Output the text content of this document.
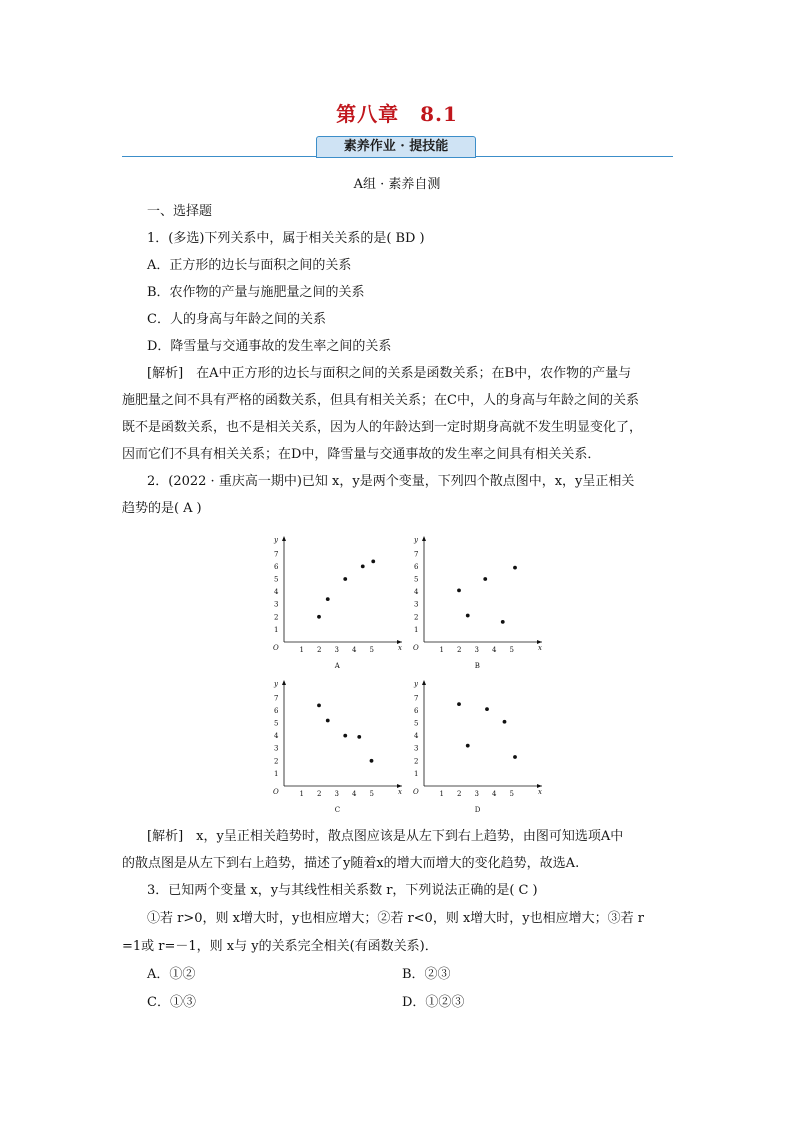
第八章　8.1
素养作业 · 提技能
A组 · 素养自测
一、选择题
1．(多选)下列关系中，属于相关关系的是( BD )
A．正方形的边长与面积之间的关系
B．农作物的产量与施肥量之间的关系
C．人的身高与年龄之间的关系
D．降雪量与交通事故的发生率之间的关系
[解析]　在A中正方形的边长与面积之间的关系是函数关系；在B中，农作物的产量与
施肥量之间不具有严格的函数关系，但具有相关关系；在C中，人的身高与年龄之间的关系
既不是函数关系，也不是相关关系，因为人的年龄达到一定时期身高就不发生明显变化了，
因而它们不具有相关关系；在D中，降雪量与交通事故的发生率之间具有相关关系．
2．(2022 · 重庆高一期中)已知 x，y是两个变量，下列四个散点图中，x，y呈正相关
趋势的是( A )
y
x
O	1 2 3 4 5
1
2
3
4
5
6
7
A
y
x
O	1 2 3 4 5
1
2
3
4
5
6
7
B
y
x
O	1 2 3 4 5
1
2
3
4
5
6
7
C
y
x
O	1 2 3 4 5
1
2
3
4
5
6
7
D
[解析]　x，y呈正相关趋势时，散点图应该是从左下到右上趋势，由图可知选项A中
的散点图是从左下到右上趋势，描述了y随着x的增大而增大的变化趋势，故选A.
3．已知两个变量 x，y与其线性相关系数 r，下列说法正确的是( C )
①若 r>0，则 x增大时，y也相应增大；②若 r<0，则 x增大时，y也相应增大；③若 r
=1或 r=－1，则 x与 y的关系完全相关(有函数关系)．
A．①②	B．②③
C．①③	D．①②③
